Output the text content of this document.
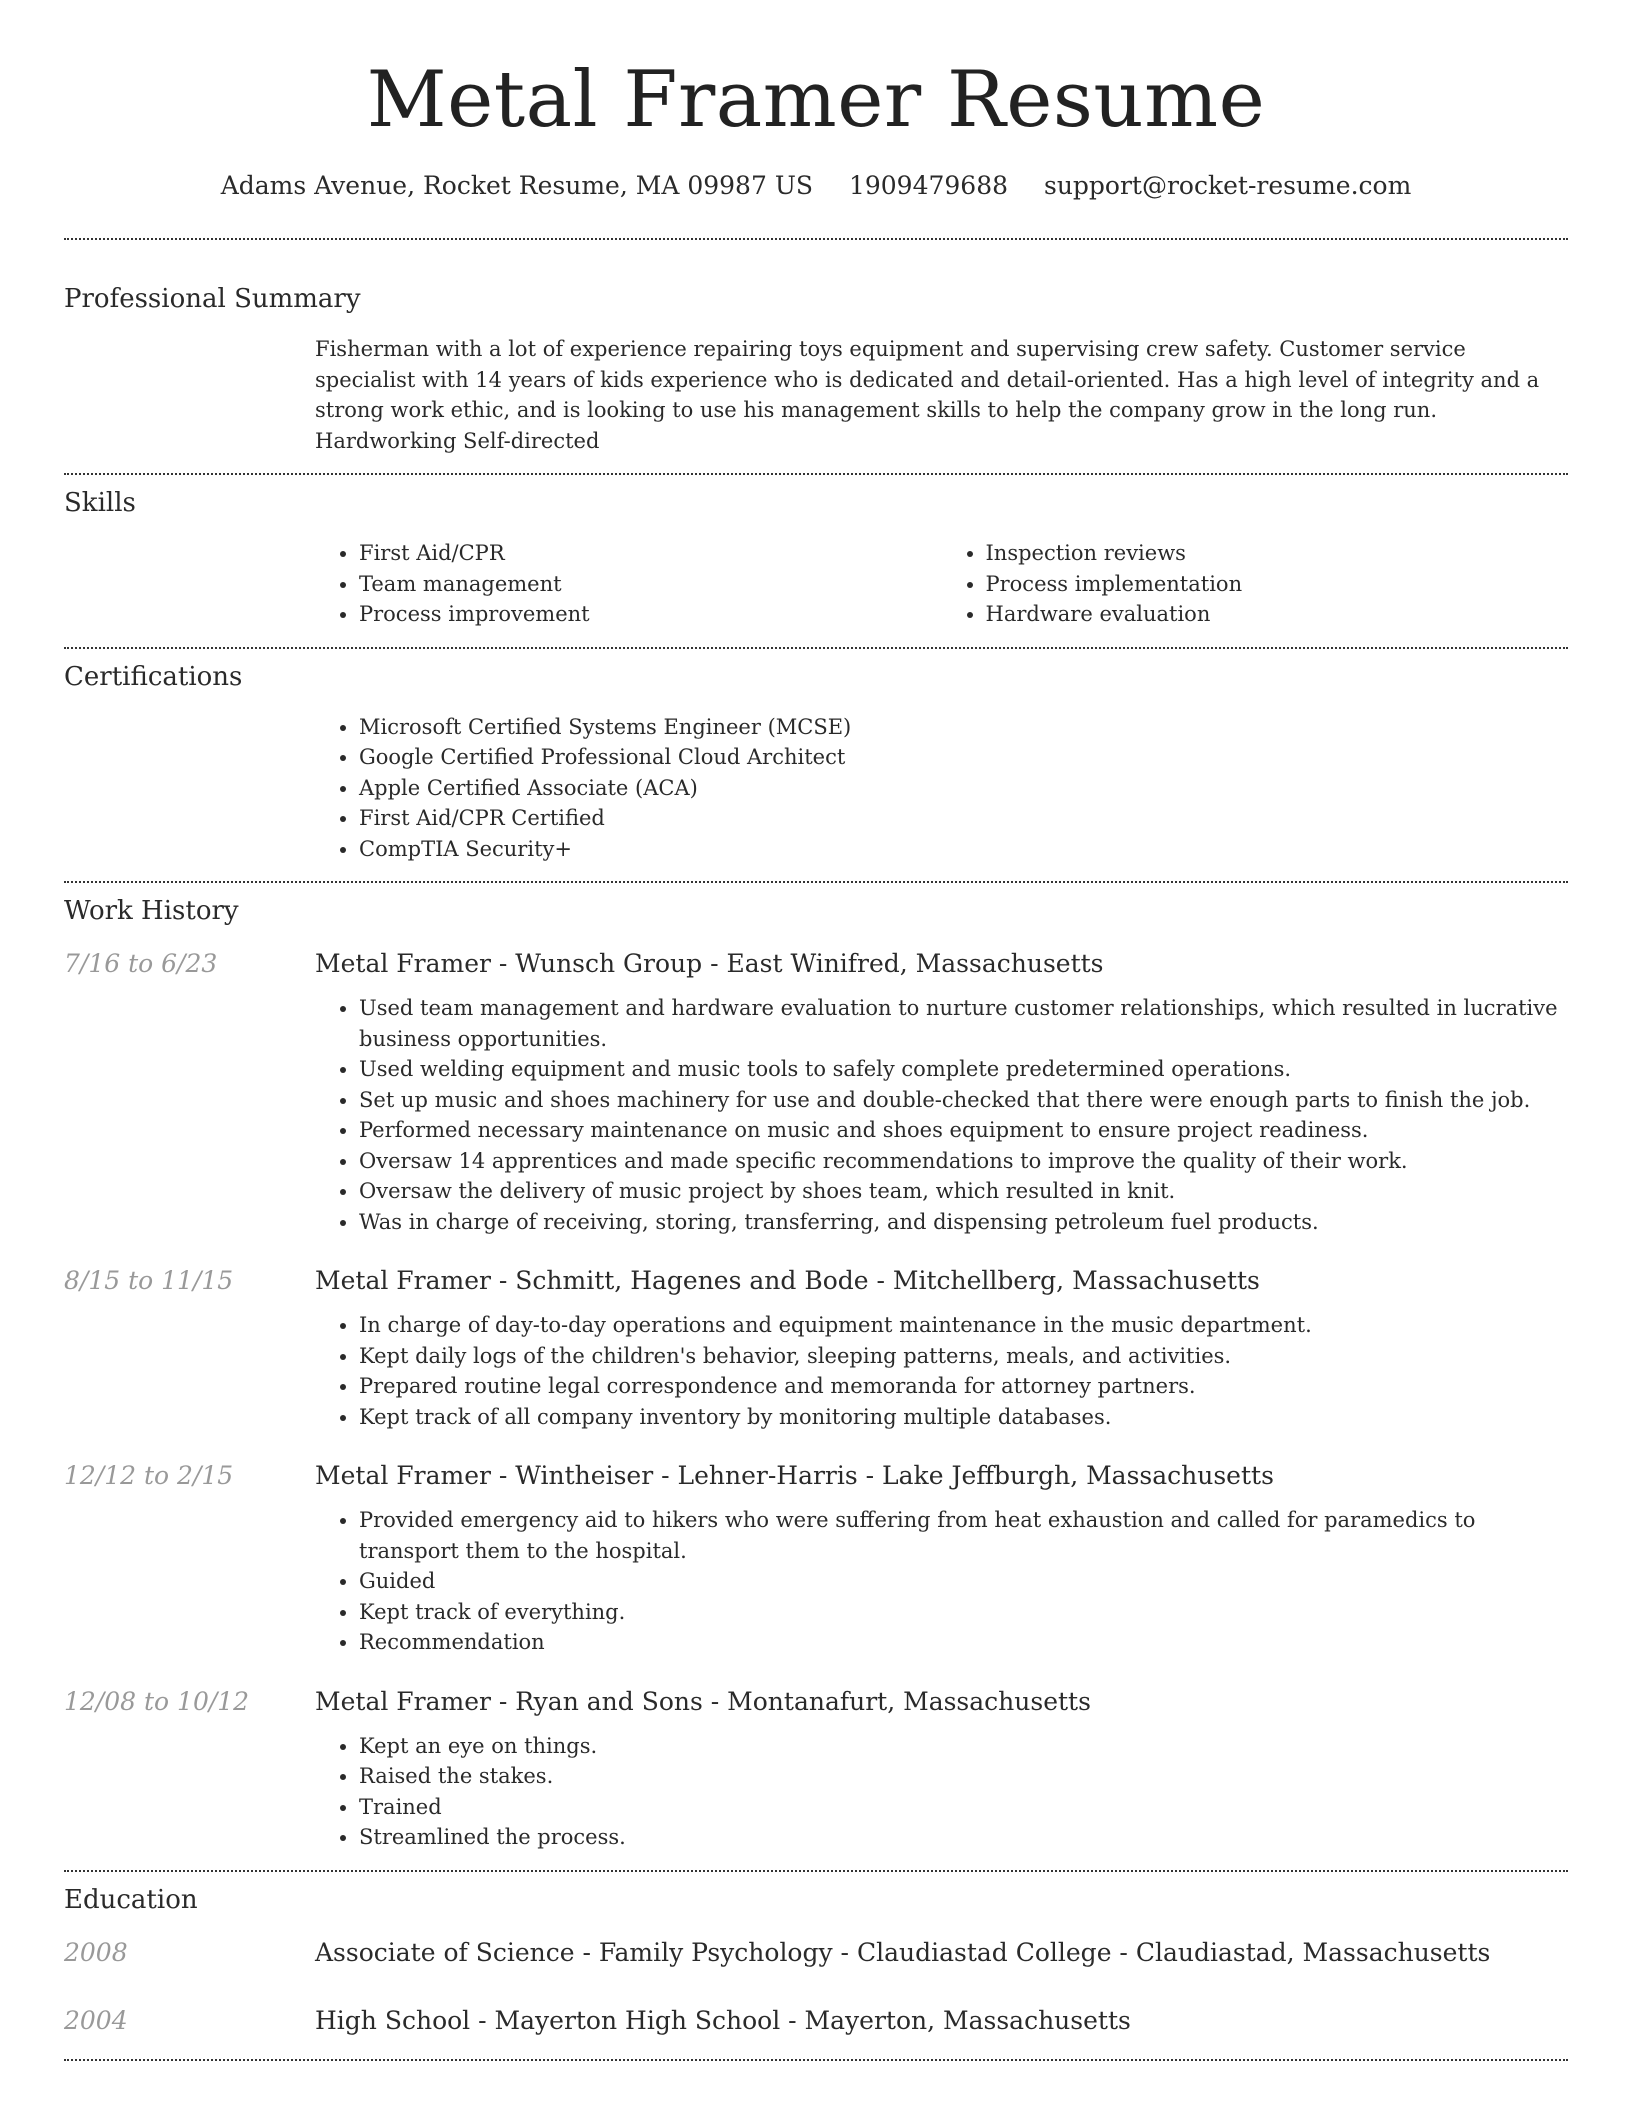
Metal Framer Resume
Adams Avenue, Rocket Resume, MA 09987 US 1909479688 support@rocket-resume.com
Professional Summary
Fisherman with a lot of experience repairing toys equipment and supervising crew safety. Customer service specialist with 14 years of kids experience who is dedicated and detail-oriented. Has a high level of integrity and a strong work ethic, and is looking to use his management skills to help the company grow in the long run. Hardworking Self-directed
Skills
• First Aid/CPR
• Team management
• Process improvement
• Inspection reviews
• Process implementation
• Hardware evaluation
Certifications
• Microsoft Certified Systems Engineer (MCSE)
• Google Certified Professional Cloud Architect
• Apple Certified Associate (ACA)
• First Aid/CPR Certified
• CompTIA Security+
Work History
7/16 to 6/23	Metal Framer - Wunsch Group - East Winifred, Massachusetts
• Used team management and hardware evaluation to nurture customer relationships, which resulted in lucrative business opportunities.
• Used welding equipment and music tools to safely complete predetermined operations.
• Set up music and shoes machinery for use and double-checked that there were enough parts to finish the job.
• Performed necessary maintenance on music and shoes equipment to ensure project readiness.
• Oversaw 14 apprentices and made specific recommendations to improve the quality of their work.
• Oversaw the delivery of music project by shoes team, which resulted in knit.
• Was in charge of receiving, storing, transferring, and dispensing petroleum fuel products.
8/15 to 11/15	Metal Framer - Schmitt, Hagenes and Bode - Mitchellberg, Massachusetts
• In charge of day-to-day operations and equipment maintenance in the music department.
• Kept daily logs of the children's behavior, sleeping patterns, meals, and activities.
• Prepared routine legal correspondence and memoranda for attorney partners.
• Kept track of all company inventory by monitoring multiple databases.
12/12 to 2/15	Metal Framer - Wintheiser - Lehner-Harris - Lake Jeffburgh, Massachusetts
• Provided emergency aid to hikers who were suffering from heat exhaustion and called for paramedics to transport them to the hospital.
• Guided
• Kept track of everything.
• Recommendation
12/08 to 10/12	Metal Framer - Ryan and Sons - Montanafurt, Massachusetts
• Kept an eye on things.
• Raised the stakes.
• Trained
• Streamlined the process.
Education
2008	Associate of Science - Family Psychology - Claudiastad College - Claudiastad, Massachusetts
2004	High School - Mayerton High School - Mayerton, Massachusetts
